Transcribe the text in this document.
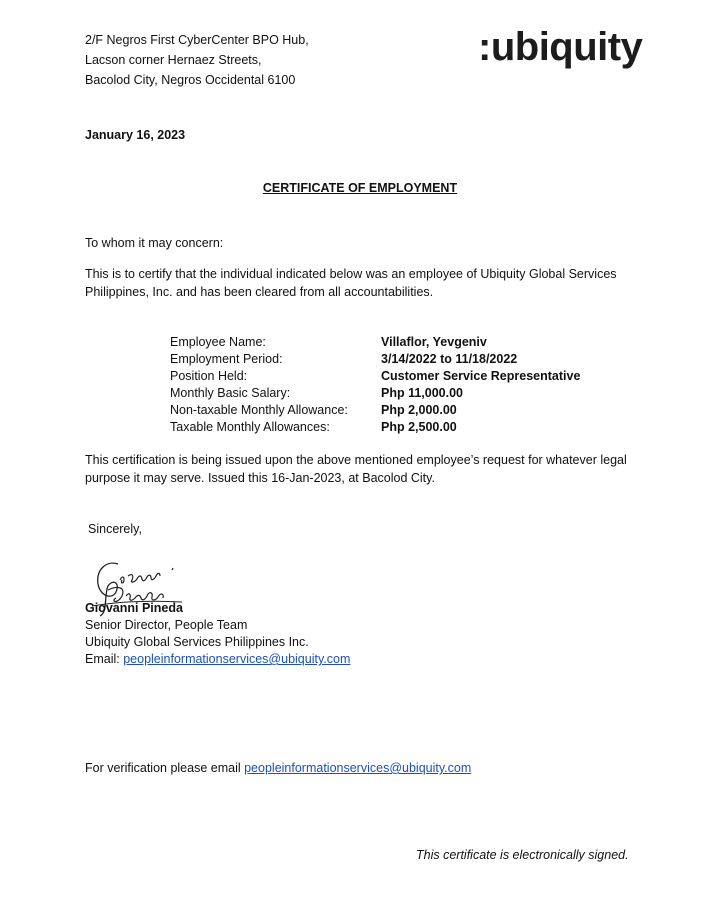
2/F Negros First CyberCenter BPO Hub,
Lacson corner Hernaez Streets,
Bacolod City, Negros Occidental 6100
:ubiquity
January 16, 2023
CERTIFICATE OF EMPLOYMENT
To whom it may concern:
This is to certify that the individual indicated below was an employee of Ubiquity Global Services Philippines, Inc. and has been cleared from all accountabilities.
Employee Name:	Villaflor, Yevgeniv
Employment Period:	3/14/2022 to 11/18/2022
Position Held:	Customer Service Representative
Monthly Basic Salary:	Php 11,000.00
Non-taxable Monthly Allowance:	Php 2,000.00
Taxable Monthly Allowances:	Php 2,500.00
This certification is being issued upon the above mentioned employee’s request for whatever legal purpose it may serve. Issued this 16-Jan-2023, at Bacolod City.
Sincerely,
Giovanni Pineda
Senior Director, People Team
Ubiquity Global Services Philippines Inc.
Email: peopleinformationservices@ubiquity.com
For verification please email peopleinformationservices@ubiquity.com
This certificate is electronically signed.
